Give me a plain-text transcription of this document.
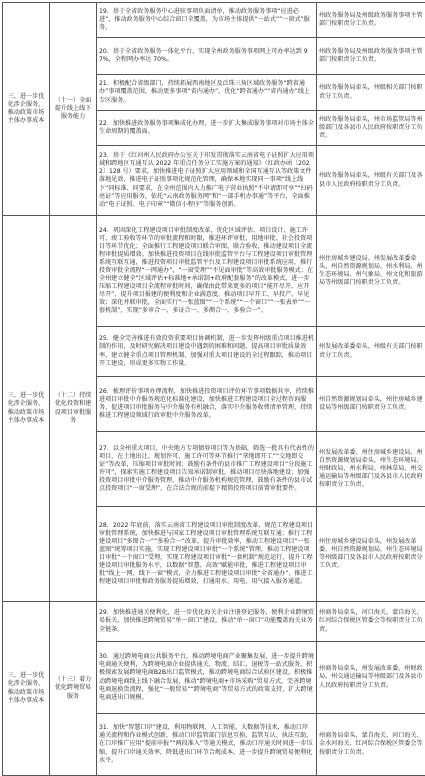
三、进一步优化涉企服务，推动政策市场主体办事成本	（十一）全面提升线上线下服务能力	19．基于全省政务服务中心进驻事项负面清单，推动政务服务事项“应进必进”，推动政务服务中心综合窗口全覆盖，为市场主体提供“一站式”“一窗式”服务。	州政务服务局及州级政务服务事项主管部门按职责分工负责。
		20．基于全省政务服务一体化平台，实现全州政务服务事项网上可办率达到 97%，全程网办率达 70%。	州政务服务局及州级政务服务事项主管部门按职责分工负责。
		21．积极配合省级部门，持续拓展西南地区及泛珠三角区域政务服务“跨省通办”事项覆盖范围，推动更多事项“省内通办”，优化“跨省通办”“省内通办”线上专区服务。	州政务服务局牵头，州级相关部门按职责分工负责。
		22．加快推进政务服务事项集成化办理，进一步扩大集成服务事项对市场主体全生命周期的覆盖面。	州政务服务局牵头，州市场监管局等州级部门及各县市人民政府按职责分工负责。
		23．基于《红河州人民政府办公室关于印发贯彻落实云南省电子证照扩大应用领域和跨地区互通互认 2022 年重点任务分工实施方案的通知》（红政办函〔2022〕128 号）要求，加快推进电子证照扩大应用领域和全国互通互认等政策文件落地见效，推进电子证照事项化规范化管理，确保本地实现同一事项“线上线下”同标准、同要求，在全州范围内大力推广电子营业执照“不申请即可享”“扫码亮证”等应用服务，依托“云南政务服务网”和“一部手机办事通”等平台，全面推动“电子证照、电子印章”“微信小程序”等服务创新。	州政务服务局牵头，州级有关部门及各县市人民政府按职责分工负责。
三、进一步优化涉企服务，推动政策市场主体办事成本	（十二）持续优化投资和建设项目审批服务	24．巩固深化工程建设项目审批制度改革，优化区域评估、项目设计、施工许可、竣工验收等环节的审批流程和时限，推进环评审批、用地审批、社会投资项目等环节优化；全面推行工程建设项目联合审图、联合验收，推动建设项目全流程审批提质增效。加快推进投资项目在线审批监管平台与工程建设项目审批管理系统互联互通，推进投资项目审批监管平台及工程建设项目审批系统应用，推行投资审批全流程“一网通办”，“一窗受理”“不见面审批”等高效审批服务模式；在全州建立健全“区域评估+标准地+承诺制+政府配套服务”的改革模式，进一步压缩工程建设项目全流程审批时间，确保由此带来更多的项目“能开尽开、应开尽开”，提升项目报建的便利度和企业满意度，推动项目早开工、早投产、早见效；深化并联审批，全面实行“一张蓝图”“一个系统”“一个窗口”“一张表单”“一套机制”，实现“多审合一、多证合一、多测合一、多验合一”。	州住房城乡建设局、州发展改革委牵头，州自然资源规划局、州水利局、州生态环境局、州气象局、州文化和旅游局等州级部门按职责分工负责。
		25．健全完善推进有效投资重要项目协调机制，进一步发挥州级重点项目推进机制的作用，及时研究解决项目建设中遇到的困难和问题，提高项目审批质量效率，建立健全重点项目管理机制，加强对重大项目建设的全过程跟踪，推动项目开工建设，形成更多实物工作量。	州发展改革委牵头，州级有关部门按职责分工负责。
		26．梳理评价事项办理流程，加快推进投资项目评价环节事项数据共享，持续推进项目审批中介服务规范化标准化建设，加快推进工程建设项目全过程咨询服务，促进项目审批服务与中介服务有机融合，落实中介服务收费清单管理，持续推进工程建设领域行政审批中介服务改革。	州自然资源规划局牵头，州住房城乡建设局等州级部门按职责分工负责。
		27．以全州重大项目、中央地方专项债券项目等为基础，筛选一批具有代表性的项目，在土地出让、规划许可、施工许可等环节推行“拿地即开工”“交地即交证”等改革，压缩项目审批时间；鼓励有条件的县市推广工程建设项目“分段施工许可”，探索实施工程建设项目告知承诺制审批，推动项目尽快落地建设；加强投资项目审批中介服务管理，推动中介服务机构规范管理，鼓励有条件的县市试点投资项目“一窗受理”，在合法合规的前提下精简投资项目前置审批要件。	州发展改革委、州住房城乡建设局、州自然资源规划局牵头，州生态环境局、州财政局、州水利局、州林草局、州交通运输局等州级部门及各县市人民政府按职责分工负责。
		28．2022 年底前，落实云南省工程建设项目审批制度改革，规范工程建设项目审批管理系统，加快推进与国家工程建设项目审批管理系统互联互通；推行工程建设项目“多图合一”“多验合一”改革，提升审批效率，推动工程建设项目“一张蓝图”统筹项目实施，实现工程建设项目审批“一个系统”管理，推动工程建设项目审批“一个窗口”受理，实现工程建设项目审批“一套机制”规范运行，提升工程建设项目审批服务水平，以数据“智慧、高效”赋能审批，推进工程建设项目审批“线上一网、线下一窗”模式，全力推进工程建设项目审批“全省通办”，推进工程建设项目审批和政务服务提质增效，打通用水、用电、用气接入服务通道。	州住房城乡建设局牵头，州发展改革委、州自然资源规划局、州生态环境局等州级部门及各县市人民政府按职责分工负责。
三、进一步优化涉企服务，推动政策市场主体办事成本	（十三）着力优化跨境贸易服务	29．加快推进通关便利化，进一步优化海关企业注册登记服务，便利企业跨境贸易报关，加快推进跨境贸易“单一窗口”建设，推动“单一窗口”功能覆盖海关业务全链条。	州商务局牵头，河口海关、蒙自海关、红河综合保税区管委会等按职责分工负责。
		30．通过跨境电商公共服务平台，推动跨境电商产业聚集发展，进一步提升跨境电商通关便利，为跨境电商企业提供通关、物流、结汇、退税等一站式服务，积极探索发展跨境电商B2B出口监管模式，推动跨境电商综合试验区建设，积极推动跨境电商线上线下融合发展，推动“跨境电商+市场采购”贸易方式，完善跨境电商退换货流程，强化“一般贸易”“跨境电商”等贸易方式的政策支持，扩大跨境电商进出口规模。	州商务局牵头，州发展改革委、州财政局、州交通运输局等州级部门及各县市人民政府按职责分工负责。
		31．加快“智慧口岸”建设，利用物联网、人工智能、大数据等技术，推动口岸通关流程和作业模式创新，推动口岸监管部门信息互换、监管互认、执法互助，在口岸推广应用“提前申报”“两段准入”等通关模式，推动口岸通关时间进一步压缩，提升口岸通关效率，降低进出口环节合规成本，进一步提升跨境贸易便利化水平。	州商务局牵头，蒙自海关、河口海关、金水河海关、红河综合保税区管委会等按职责分工负责。
